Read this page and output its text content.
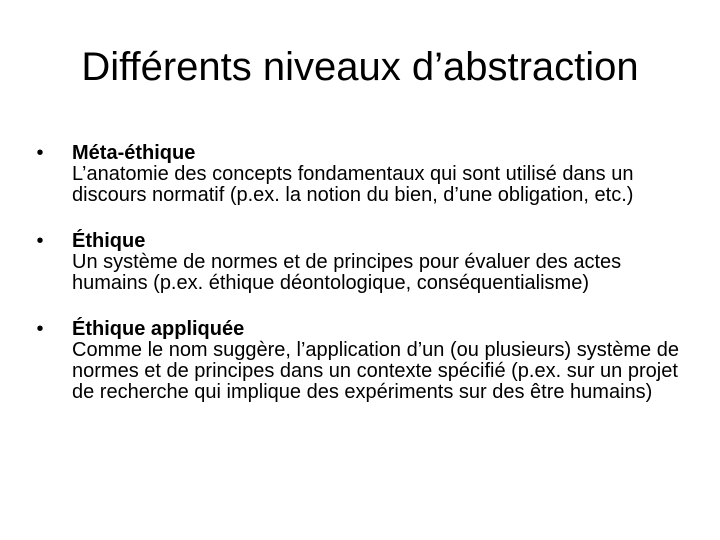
Différents niveaux d’abstraction
•	Méta-éthique
L’anatomie des concepts fondamentaux qui sont utilisé dans un discours normatif (p.ex. la notion du bien, d’une obligation, etc.)
•	Éthique
Un système de normes et de principes pour évaluer des actes humains (p.ex. éthique déontologique, conséquentialisme)
•	Éthique appliquée
Comme le nom suggère, l’application d’un (ou plusieurs) système de normes et de principes dans un contexte spécifié (p.ex. sur un projet de recherche qui implique des expériments sur des être humains)
